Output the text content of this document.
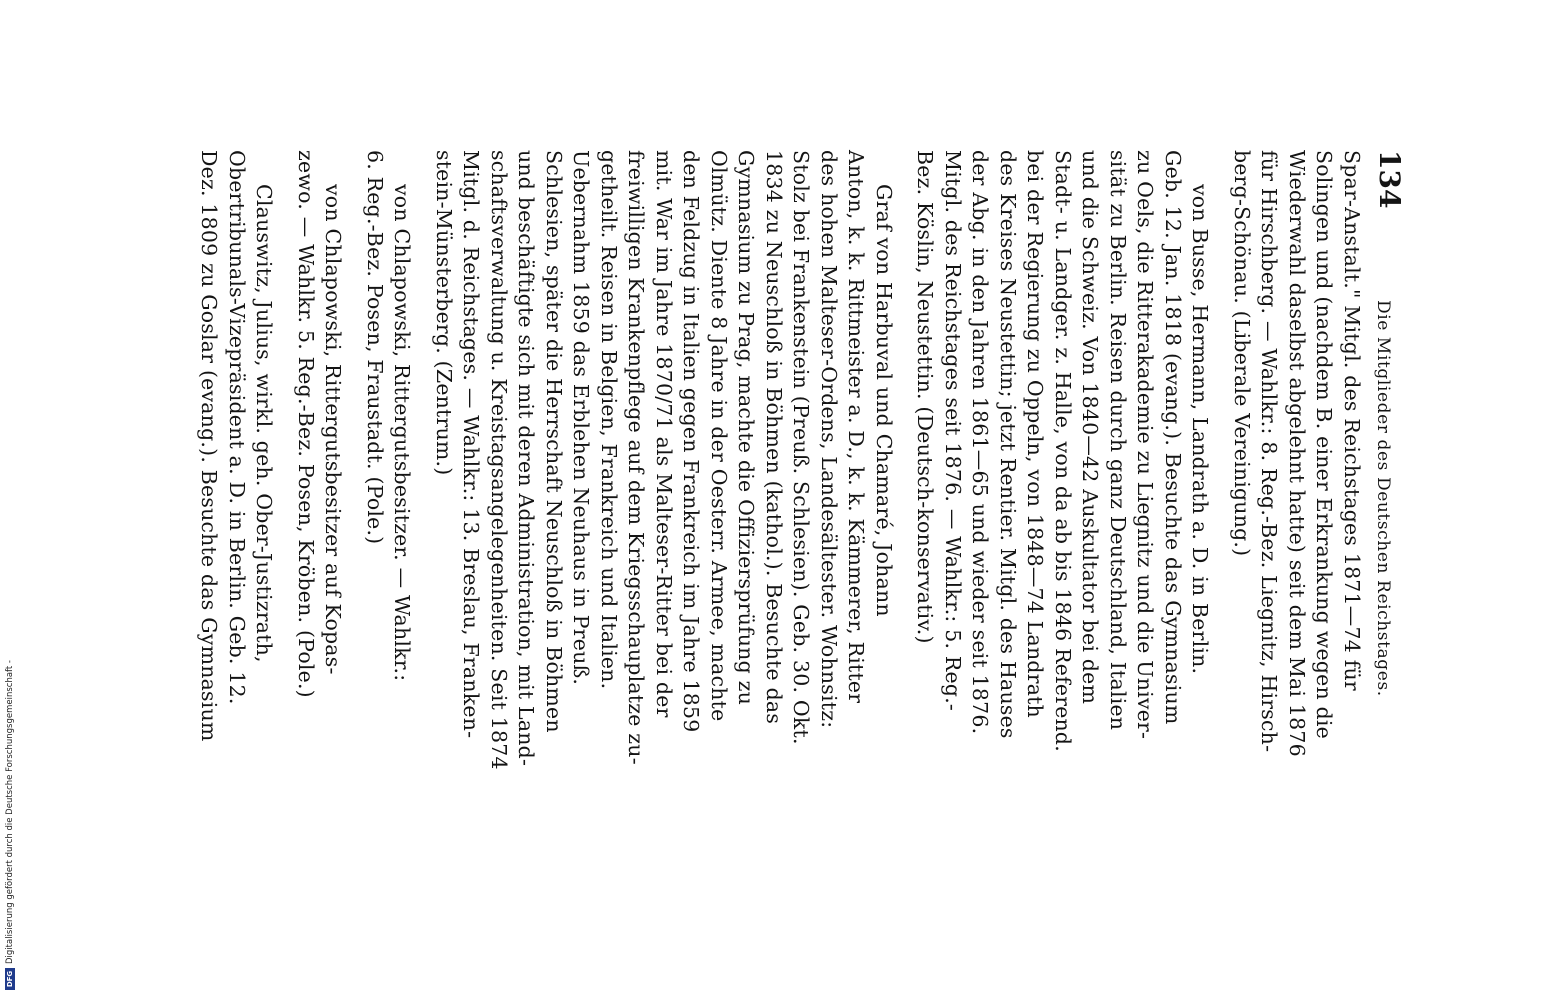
DFGDigitalisierung gefördert durch die Deutsche Forschungsgemeinschaft -
134
Die Mitglieder des Deutschen Reichstages.
Spar-Anstalt." Mitgl. des Reichstages 1871—74 für
Solingen und (nachdem B. einer Erkrankung wegen die
Wiederwahl daselbst abgelehnt hatte) seit dem Mai 1876
für Hirschberg. — Wahlkr.: 8. Reg.-Bez. Liegnitz, Hirsch-
berg-Schönau. (Liberale Vereinigung.)
von Busse, Hermann, Landrath a. D. in Berlin.
Geb. 12. Jan. 1818 (evang.). Besuchte das Gymnasium
zu Oels, die Ritterakademie zu Liegnitz und die Univer-
sität zu Berlin. Reisen durch ganz Deutschland, Italien
und die Schweiz. Von 1840—42 Auskultator bei dem
Stadt- u. Landger. z. Halle, von da ab bis 1846 Referend.
bei der Regierung zu Oppeln, von 1848—74 Landrath
des Kreises Neustettin; jetzt Rentier. Mitgl. des Hauses
der Abg. in den Jahren 1861—65 und wieder seit 1876.
Mitgl. des Reichstages seit 1876. — Wahlkr.: 5. Reg.-
Bez. Köslin, Neustettin. (Deutsch-konservativ.)
Graf von Harbuval und Chamaré, Johann
Anton, k. k. Rittmeister a. D., k. k. Kämmerer, Ritter
des hohen Malteser-Ordens, Landesältester. Wohnsitz:
Stolz bei Frankenstein (Preuß. Schlesien). Geb. 30. Okt.
1834 zu Neuschloß in Böhmen (kathol.). Besuchte das
Gymnasium zu Prag, machte die Offiziersprüfung zu
Olmütz. Diente 8 Jahre in der Oesterr. Armee, machte
den Feldzug in Italien gegen Frankreich im Jahre 1859
mit. War im Jahre 1870/71 als Malteser-Ritter bei der
freiwilligen Krankenpflege auf dem Kriegsschauplatze zu-
getheilt. Reisen in Belgien, Frankreich und Italien.
Uebernahm 1859 das Erblehen Neuhaus in Preuß.
Schlesien, später die Herrschaft Neuschloß in Böhmen
und beschäftigte sich mit deren Administration, mit Land-
schaftsverwaltung u. Kreistagsangelegenheiten. Seit 1874
Mitgl. d. Reichstages. — Wahlkr.: 13. Breslau, Franken-
stein-Münsterberg. (Zentrum.)
von Chlapowski, Rittergutsbesitzer. — Wahlkr.:
6. Reg.-Bez. Posen, Fraustadt. (Pole.)
von Chlapowski, Rittergutsbesitzer auf Kopas-
zewo. — Wahlkr. 5. Reg.-Bez. Posen, Kröben. (Pole.)
Clauswitz, Julius, wirkl. geh. Ober-Justizrath,
Obertribunals-Vizepräsident a. D. in Berlin. Geb. 12.
Dez. 1809 zu Goslar (evang.). Besuchte das Gymnasium
